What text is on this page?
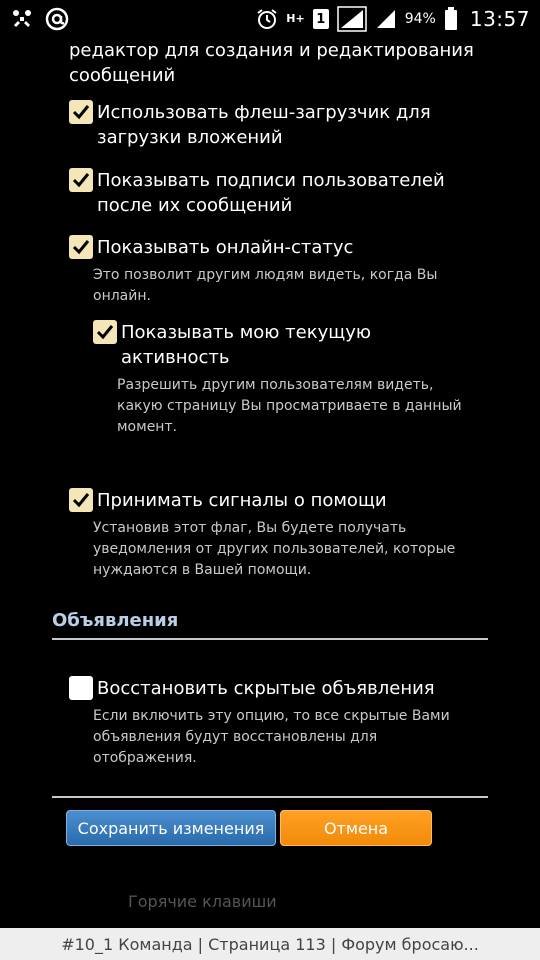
H+ 1	94% 13:57
редактор для создания и редактирования сообщений
Использовать флеш-загрузчик для загрузки вложений
Показывать подписи пользователей после их сообщений
Показывать онлайн-статус
Это позволит другим людям видеть, когда Вы онлайн.
Показывать мою текущую активность
Разрешить другим пользователям видеть, какую страницу Вы просматриваете в данный момент.
Принимать сигналы о помощи
Установив этот флаг, Вы будете получать уведомления от других пользователей, которые нуждаются в Вашей помощи.
Объявления
Восстановить скрытые объявления
Если включить эту опцию, то все скрытые Вами объявления будут восстановлены для отображения.
Сохранить изменения	Отмена
Горячие клавиши
#10_1 Команда | Страница 113 | Форум бросаю...
